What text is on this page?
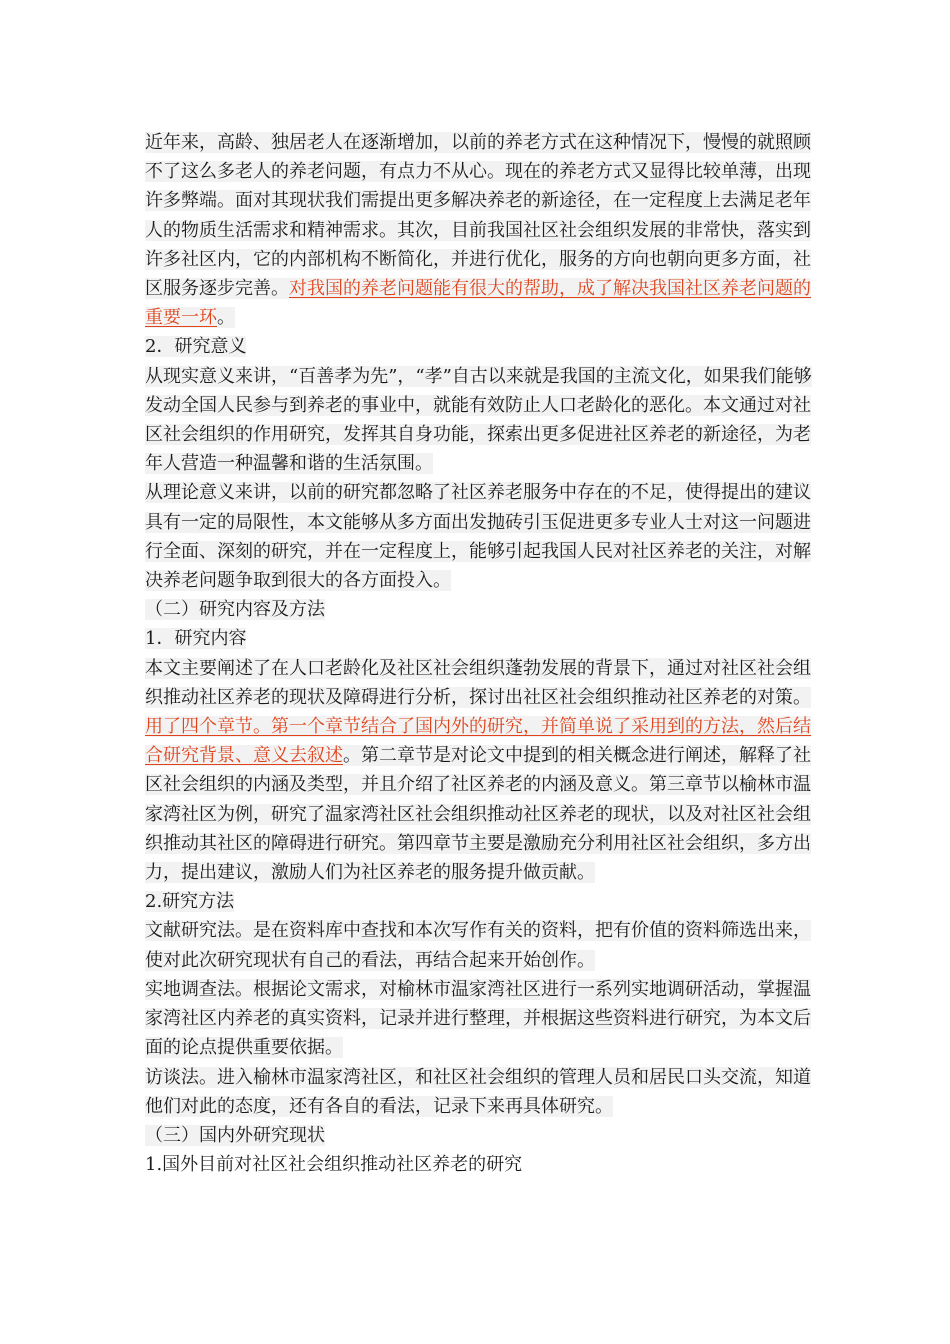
近年来，高龄、独居老人在逐渐增加，以前的养老方式在这种情况下，慢慢的就照顾不了这么多老人的养老问题，有点力不从心。现在的养老方式又显得比较单薄，出现许多弊端。面对其现状我们需提出更多解决养老的新途径，在一定程度上去满足老年人的物质生活需求和精神需求。其次，目前我国社区社会组织发展的非常快，落实到许多社区内，它的内部机构不断简化，并进行优化，服务的方向也朝向更多方面，社区服务逐步完善。对我国的养老问题能有很大的帮助，成了解决我国社区养老问题的重要一环。

2．研究意义

从现实意义来讲，“百善孝为先”，“孝”自古以来就是我国的主流文化，如果我们能够发动全国人民参与到养老的事业中，就能有效防止人口老龄化的恶化。本文通过对社区社会组织的作用研究，发挥其自身功能，探索出更多促进社区养老的新途径，为老年人营造一种温馨和谐的生活氛围。

从理论意义来讲，以前的研究都忽略了社区养老服务中存在的不足，使得提出的建议具有一定的局限性，本文能够从多方面出发抛砖引玉促进更多专业人士对这一问题进行全面、深刻的研究，并在一定程度上，能够引起我国人民对社区养老的关注，对解决养老问题争取到很大的各方面投入。

（二）研究内容及方法

1．研究内容

本文主要阐述了在人口老龄化及社区社会组织蓬勃发展的背景下，通过对社区社会组织推动社区养老的现状及障碍进行分析，探讨出社区社会组织推动社区养老的对策。用了四个章节。第一个章节结合了国内外的研究，并简单说了采用到的方法，然后结合研究背景、意义去叙述。第二章节是对论文中提到的相关概念进行阐述，解释了社区社会组织的内涵及类型，并且介绍了社区养老的内涵及意义。第三章节以榆林市温家湾社区为例，研究了温家湾社区社会组织推动社区养老的现状，以及对社区社会组织推动其社区的障碍进行研究。第四章节主要是激励充分利用社区社会组织，多方出力，提出建议，激励人们为社区养老的服务提升做贡献。

2.研究方法

文献研究法。是在资料库中查找和本次写作有关的资料，把有价值的资料筛选出来，使对此次研究现状有自己的看法，再结合起来开始创作。

实地调查法。根据论文需求，对榆林市温家湾社区进行一系列实地调研活动，掌握温家湾社区内养老的真实资料，记录并进行整理，并根据这些资料进行研究，为本文后面的论点提供重要依据。

访谈法。进入榆林市温家湾社区，和社区社会组织的管理人员和居民口头交流，知道他们对此的态度，还有各自的看法，记录下来再具体研究。

（三）国内外研究现状

1.国外目前对社区社会组织推动社区养老的研究
